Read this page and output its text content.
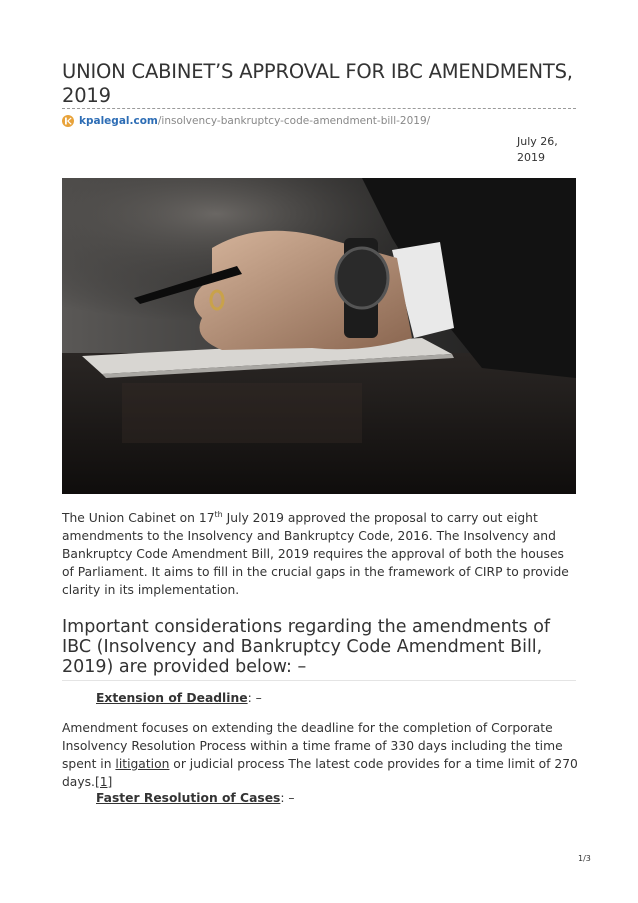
UNION CABINET’S APPROVAL FOR IBC AMENDMENTS, 2019
kpalegal.com /insolvency-bankruptcy-code-amendment-bill-2019/
July 26, 2019

The Union Cabinet on 17th July 2019 approved the proposal to carry out eight amendments to the Insolvency and Bankruptcy Code, 2016. The Insolvency and Bankruptcy Code Amendment Bill, 2019 requires the approval of both the houses of Parliament. It aims to fill in the crucial gaps in the framework of CIRP to provide clarity in its implementation.

Important considerations regarding the amendments of IBC (Insolvency and Bankruptcy Code Amendment Bill, 2019) are provided below: –
Extension of Deadline: –

Amendment focuses on extending the deadline for the completion of Corporate Insolvency Resolution Process within a time frame of 330 days including the time spent in litigation or judicial process The latest code provides for a time limit of 270 days.[1]

Faster Resolution of Cases: –
1/3
